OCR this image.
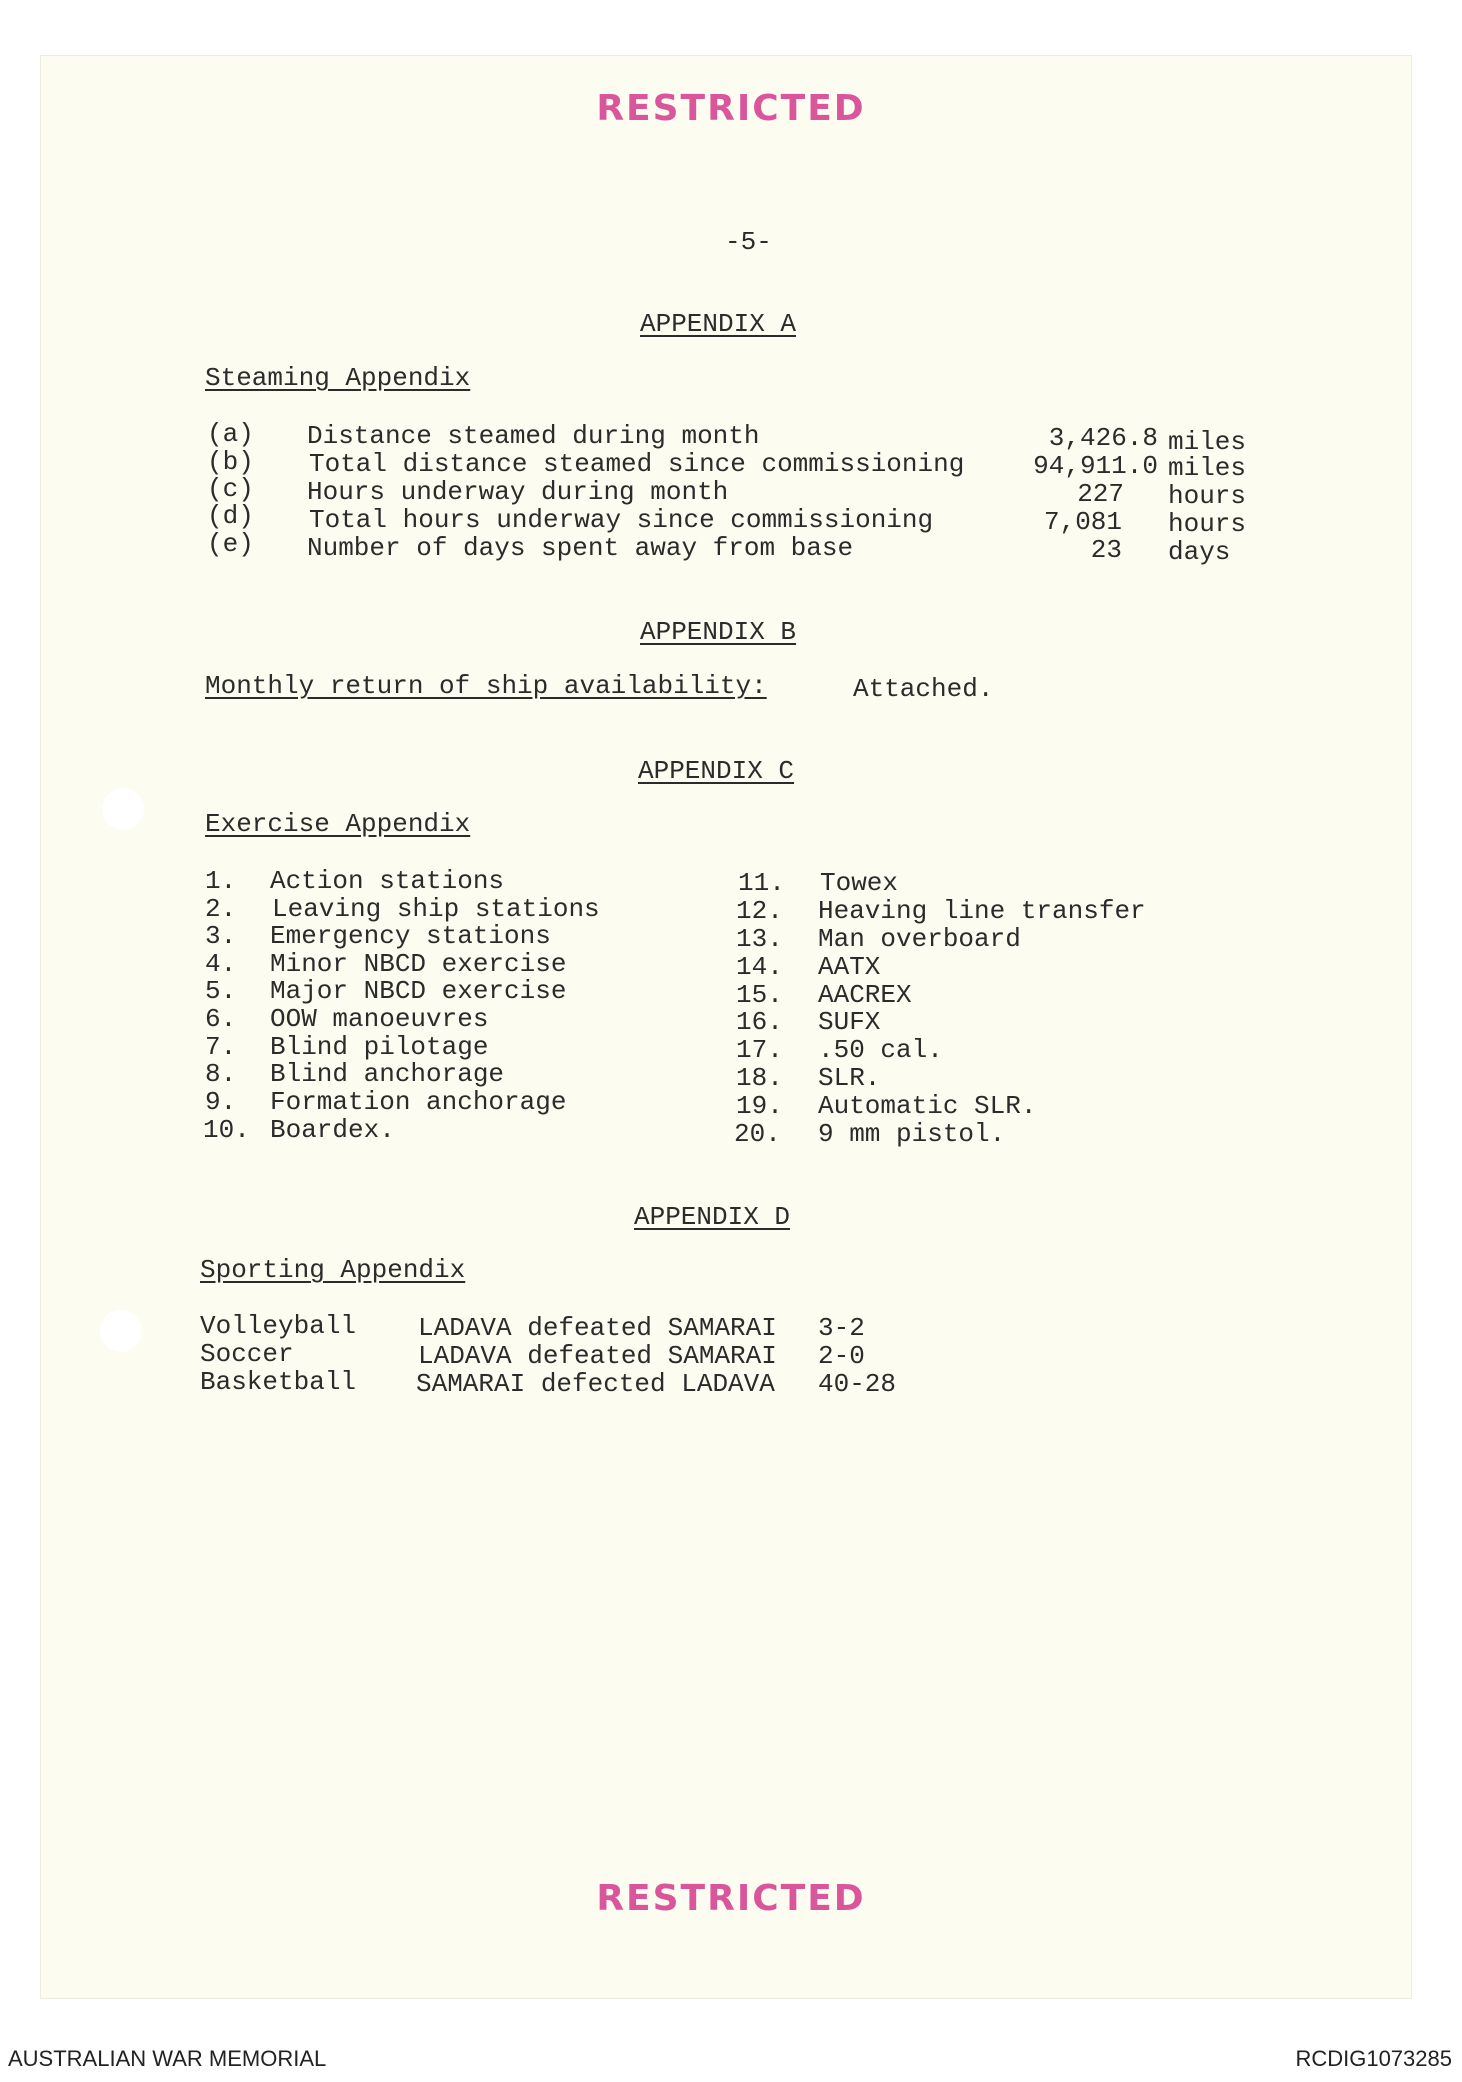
RESTRICTED
-5-
APPENDIX A
Steaming Appendix
(a) Distance steamed during month	3,426.8 miles
(b) Total distance steamed since commissioning	94,911.0 miles
(c) Hours underway during month	227 hours
(d) Total hours underway since commissioning	7,081 hours
(e) Number of days spent away from base	23 days
APPENDIX B
Monthly return of ship availability:	Attached.
APPENDIX C
Exercise Appendix
1. Action stations
2. Leaving ship stations
3. Emergency stations
4. Minor NBCD exercise
5. Major NBCD exercise
6. OOW manoeuvres
7. Blind pilotage
8. Blind anchorage
9. Formation anchorage
10. Boardex.
11. Towex
12. Heaving line transfer
13. Man overboard
14. AATX
15. AACREX
16. SUFX
17. .50 cal.
18. SLR.
19. Automatic SLR.
20. 9 mm pistol.
APPENDIX D
Sporting Appendix
Volleyball LADAVA defeated SAMARAI 3-2
Soccer	LADAVA defeated SAMARAI 2-0
Basketball SAMARAI defected LADAVA 40-28
RESTRICTED
AUSTRALIAN WAR MEMORIAL	RCDIG1073285
